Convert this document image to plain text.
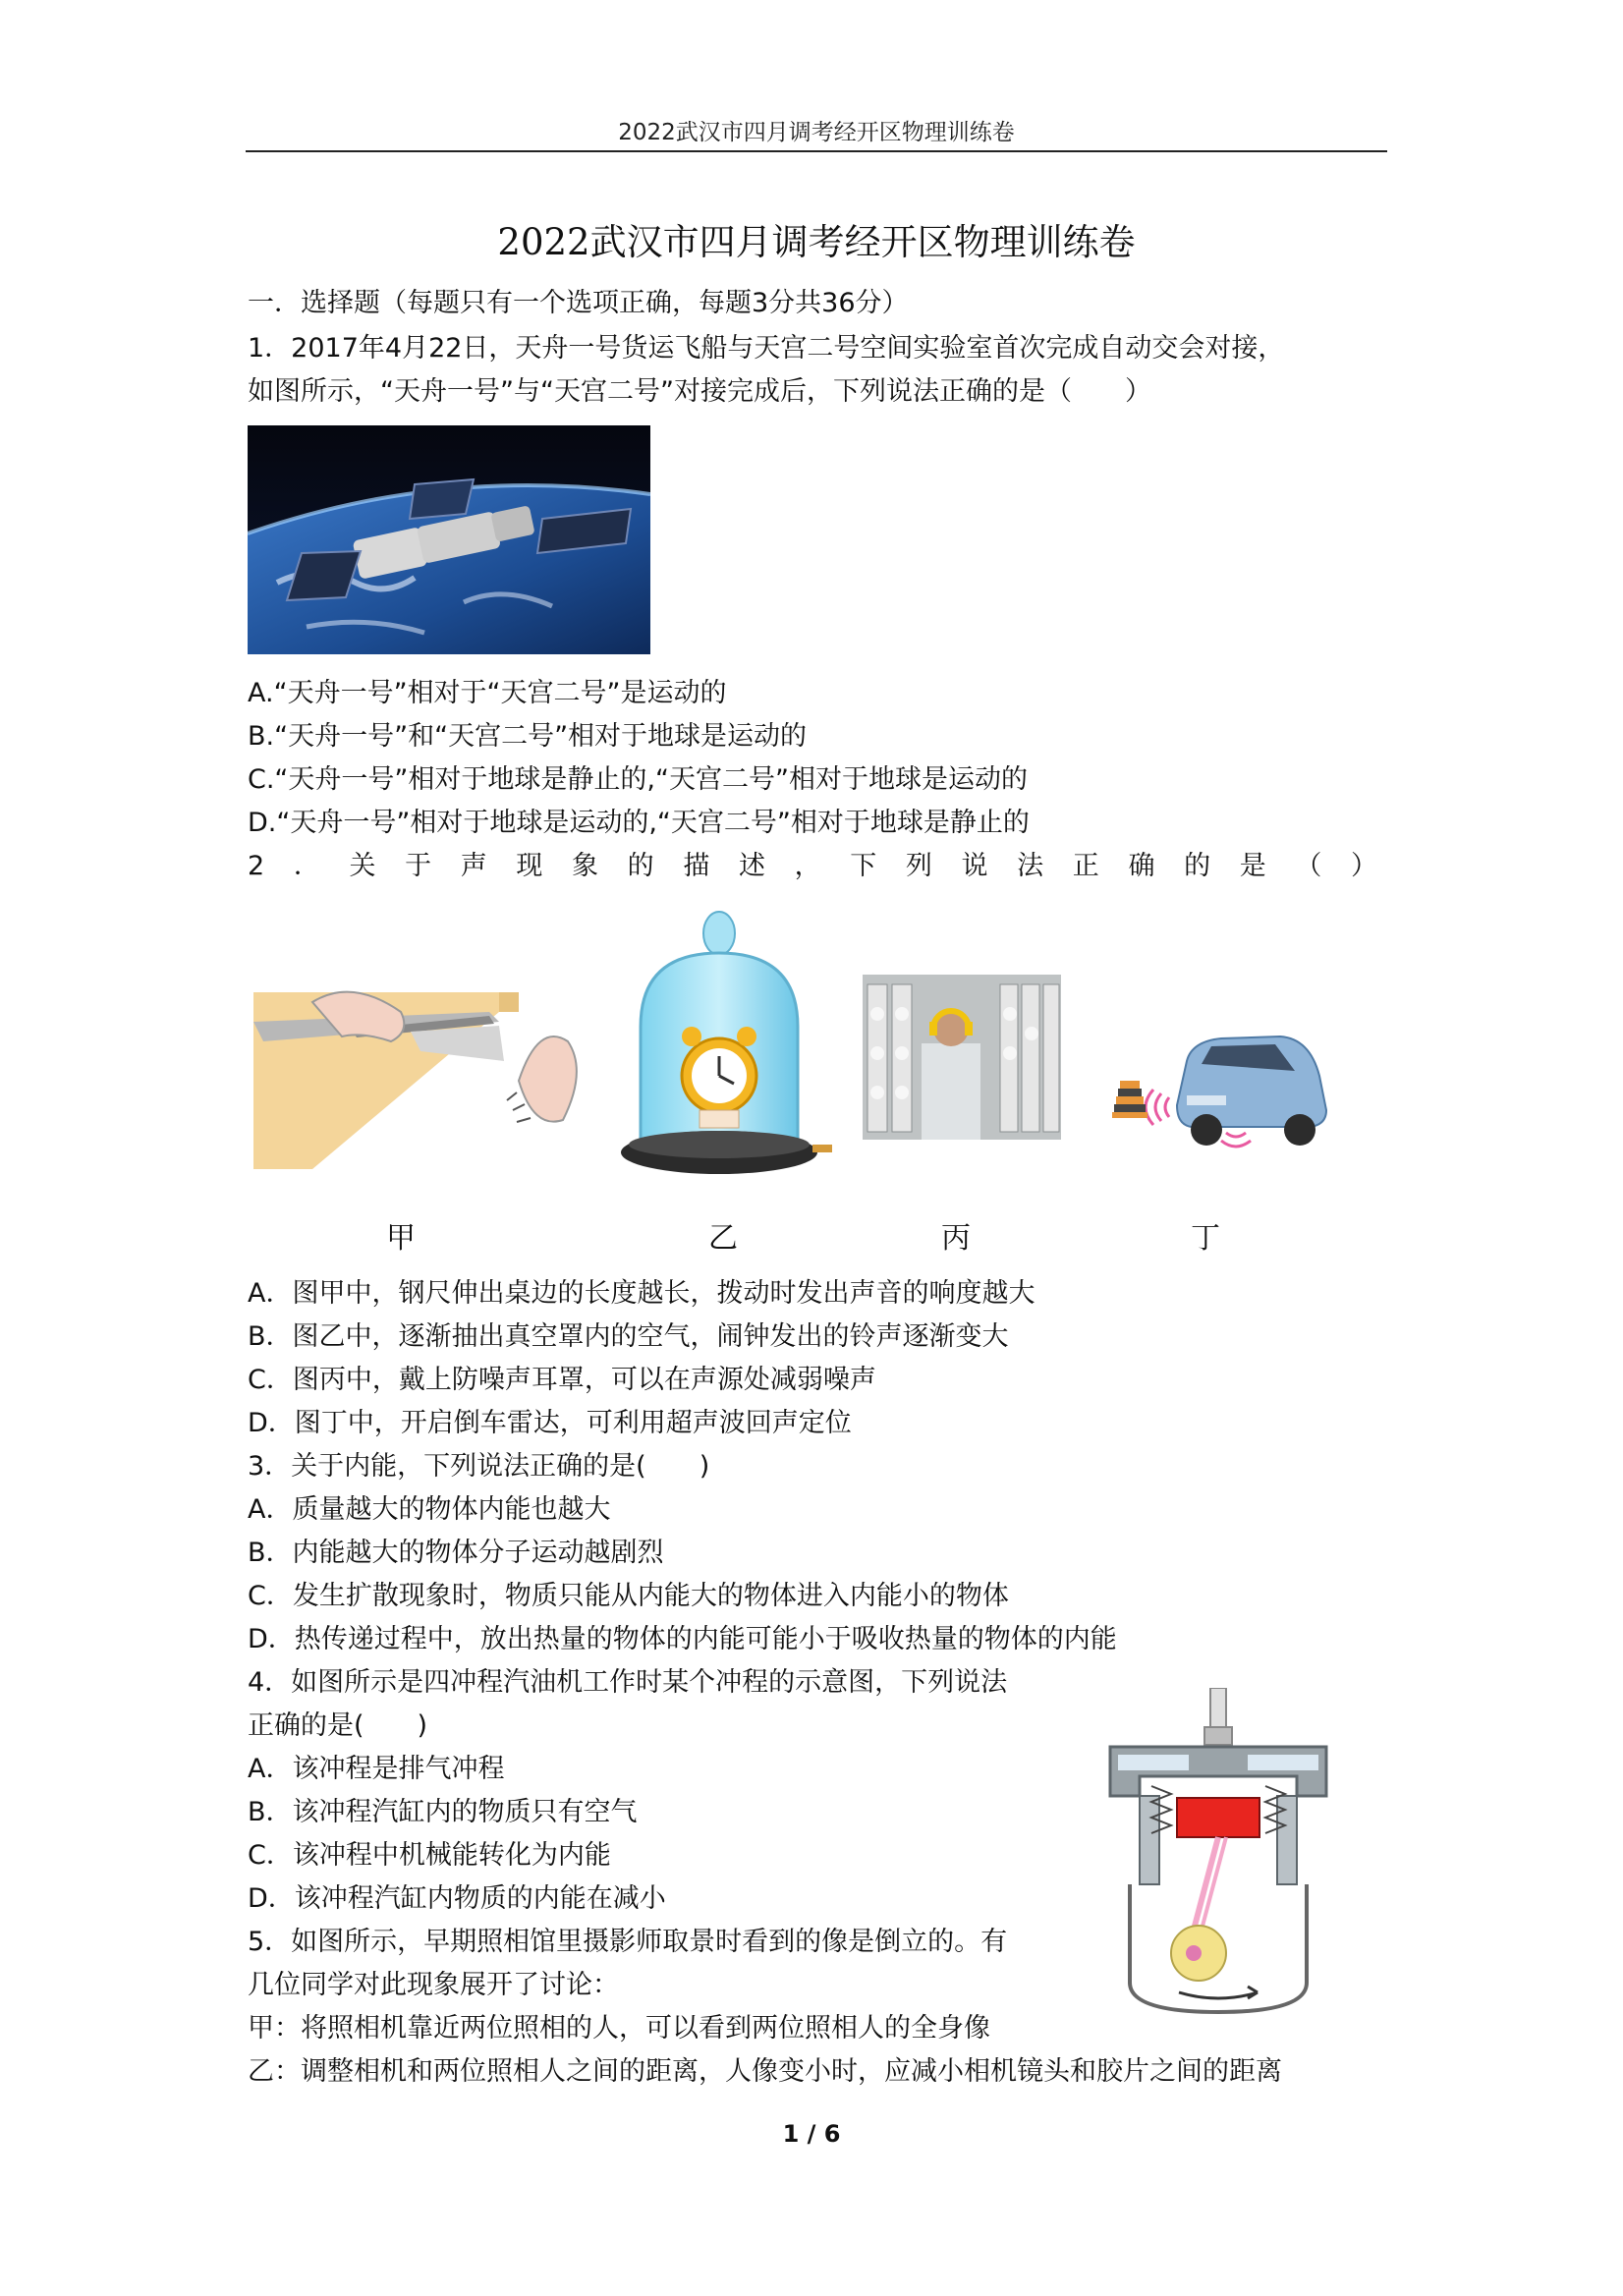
2022武汉市四月调考经开区物理训练卷
2022武汉市四月调考经开区物理训练卷
一．选择题（每题只有一个选项正确，每题3分共36分）
1．2017年4月22日，天舟一号货运飞船与天宫二号空间实验室首次完成自动交会对接，
如图所示，“天舟一号”与“天宫二号”对接完成后，下列说法正确的是（　　）
A.“天舟一号”相对于“天宫二号”是运动的
B.“天舟一号”和“天宫二号”相对于地球是运动的
C.“天舟一号”相对于地球是静止的,“天宫二号”相对于地球是运动的
D.“天舟一号”相对于地球是运动的,“天宫二号”相对于地球是静止的
2 ． 关 于 声 现 象 的 描 述 ， 下 列 说 法 正 确 的 是 （ ）
甲	乙	丙	丁
A．图甲中，钢尺伸出桌边的长度越长，拨动时发出声音的响度越大
B．图乙中，逐渐抽出真空罩内的空气，闹钟发出的铃声逐渐变大
C．图丙中，戴上防噪声耳罩，可以在声源处减弱噪声
D．图丁中，开启倒车雷达，可利用超声波回声定位
3．关于内能，下列说法正确的是(　　)
A．质量越大的物体内能也越大
B．内能越大的物体分子运动越剧烈
C．发生扩散现象时，物质只能从内能大的物体进入内能小的物体
D．热传递过程中，放出热量的物体的内能可能小于吸收热量的物体的内能
4．如图所示是四冲程汽油机工作时某个冲程的示意图，下列说法
正确的是(　　)
A．该冲程是排气冲程
B．该冲程汽缸内的物质只有空气
C．该冲程中机械能转化为内能
D．该冲程汽缸内物质的内能在减小
5．如图所示，早期照相馆里摄影师取景时看到的像是倒立的。有
几位同学对此现象展开了讨论：
甲：将照相机靠近两位照相的人，可以看到两位照相人的全身像
乙：调整相机和两位照相人之间的距离，人像变小时，应减小相机镜头和胶片之间的距离
1 / 6
